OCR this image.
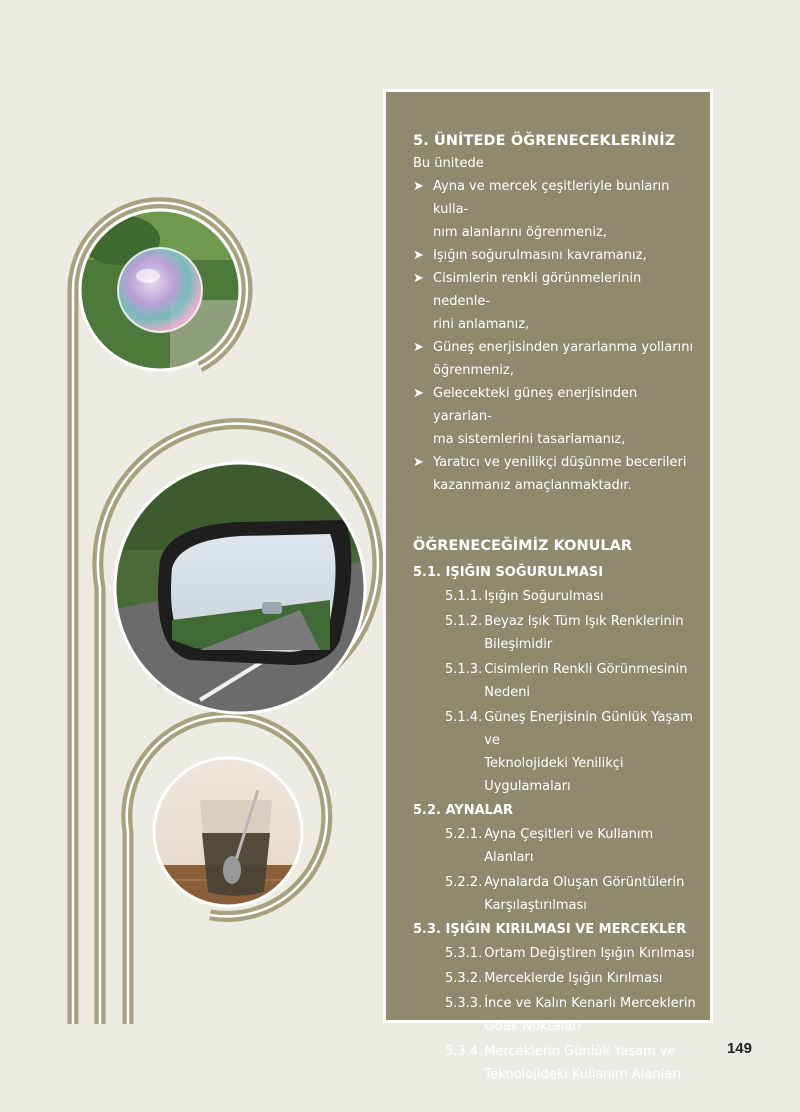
5. ÜNİTEDE ÖĞRENECEKLERİNİZ

Bu ünitede

➤ Ayna ve mercek çeşitleriyle bunların kulla-
nım alanlarını öğrenmeniz,
➤ Işığın soğurulmasını kavramanız,
➤ Cisimlerin renkli görünmelerinin nedenle-
rini anlamanız,
➤ Güneş enerjisinden yararlanma yollarını
öğrenmeniz,
➤ Gelecekteki güneş enerjisinden yararlan-
ma sistemlerini tasarlamanız,
➤ Yaratıcı ve yenilikçi düşünme becerileri
kazanmanız amaçlanmaktadır.

ÖĞRENECEĞİMİZ KONULAR

5.1. IŞIĞIN SOĞURULMASI

5.1.1. Işığın Soğurulması
5.1.2. Beyaz Işık Tüm Işık Renklerinin
Bileşimidir
5.1.3. Cisimlerin Renkli Görünmesinin
Nedeni
5.1.4. Güneş Enerjisinin Günlük Yaşam ve
Teknolojideki Yenilikçi
Uygulamaları

5.2. AYNALAR

5.2.1. Ayna Çeşitleri ve Kullanım Alanları
5.2.2. Aynalarda Oluşan Görüntülerin
Karşılaştırılması

5.3. IŞIĞIN KIRILMASI VE MERCEKLER

5.3.1. Ortam Değiştiren Işığın Kırılması
5.3.2. Merceklerde Işığın Kırılması
5.3.3. İnce ve Kalın Kenarlı Merceklerin
Odak Noktaları
5.3.4. Merceklerin Günlük Yaşam ve
Teknolojideki Kullanım Alanları
149
